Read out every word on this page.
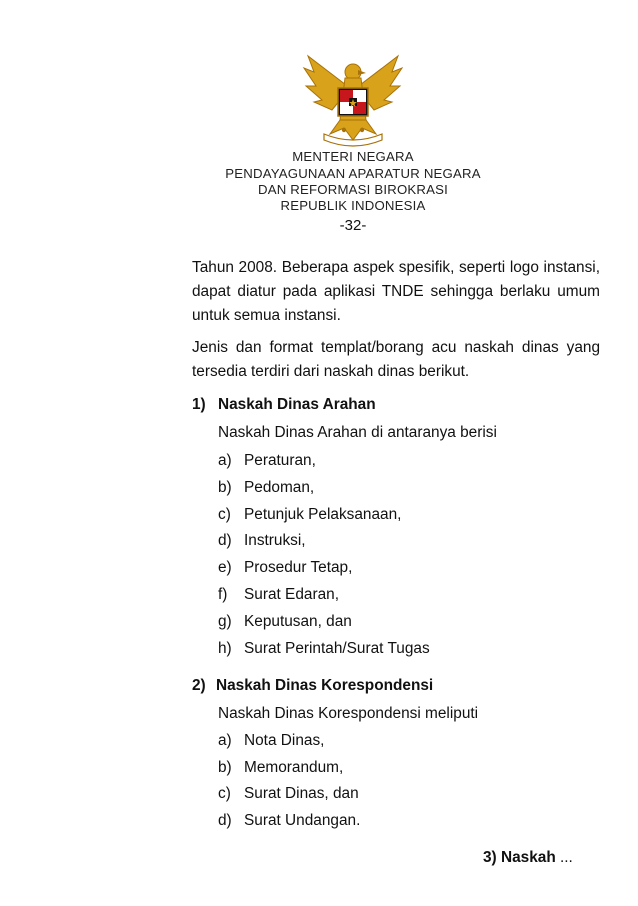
MENTERI NEGARA
PENDAYAGUNAAN APARATUR NEGARA
DAN REFORMASI BIROKRASI
REPUBLIK INDONESIA
-32-
Tahun 2008. Beberapa aspek spesifik, seperti logo instansi, dapat diatur pada aplikasi TNDE sehingga berlaku umum untuk semua instansi.
Jenis dan format templat/borang acu naskah dinas yang tersedia terdiri dari naskah dinas berikut.
1) Naskah Dinas Arahan
Naskah Dinas Arahan di antaranya berisi
a) Peraturan,
b) Pedoman,
c) Petunjuk Pelaksanaan,
d) Instruksi,
e) Prosedur Tetap,
f) Surat Edaran,
g) Keputusan, dan
h) Surat Perintah/Surat Tugas
2) Naskah Dinas Korespondensi
Naskah Dinas Korespondensi meliputi
a) Nota Dinas,
b) Memorandum,
c) Surat Dinas, dan
d) Surat Undangan.
3) Naskah ...
